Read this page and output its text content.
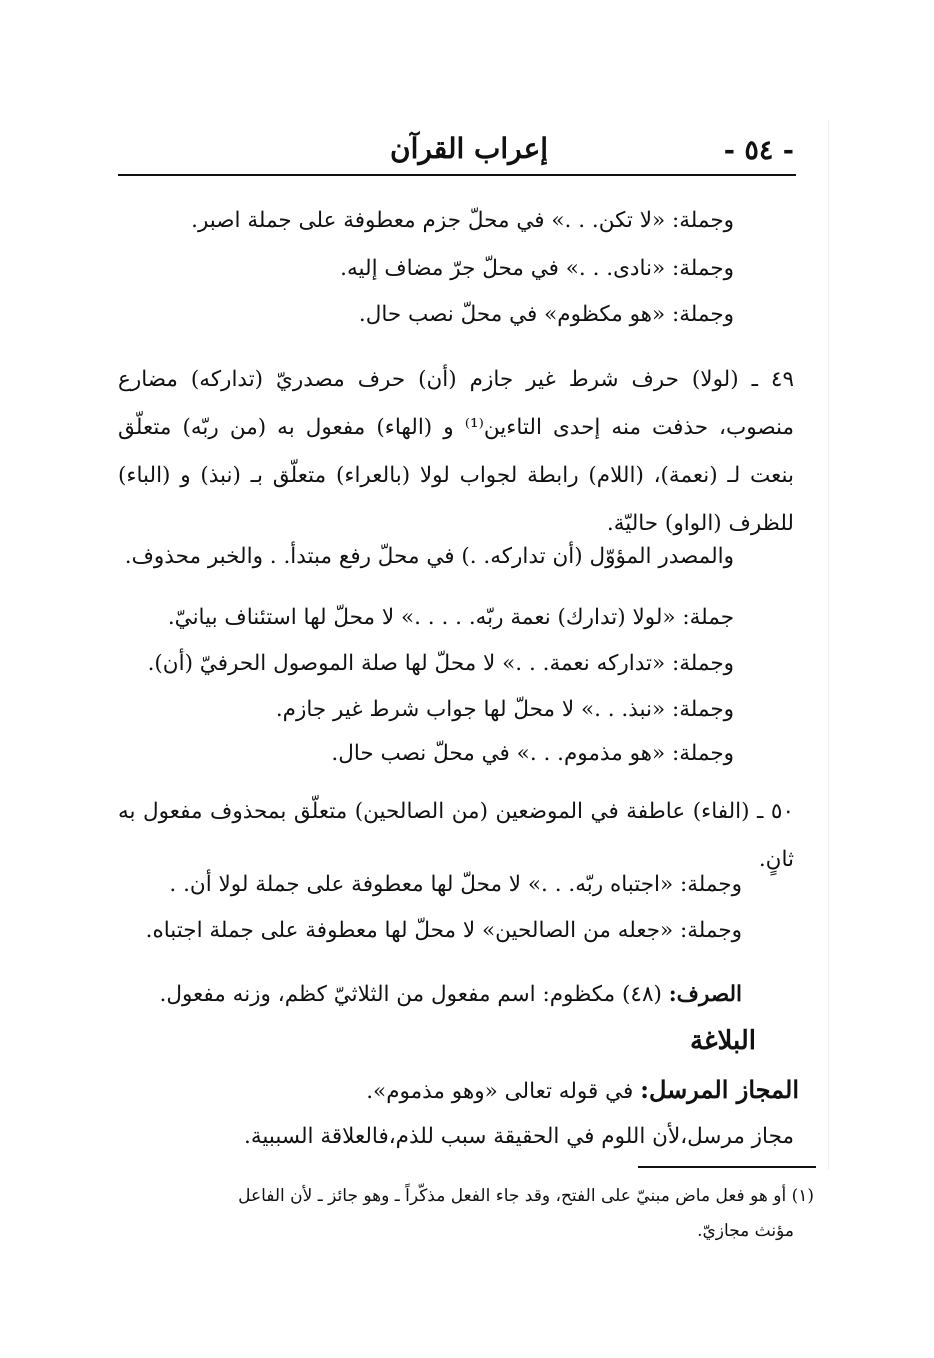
- ٥٤ -
إعراب القرآن
وجملة: «لا تكن. . .» في محلّ جزم معطوفة على جملة اصبر.
وجملة: «نادى. . .» في محلّ جرّ مضاف إليه.
وجملة: «هو مكظوم» في محلّ نصب حال.

٤٩ ـ (لولا) حرف شرط غير جازم (أن) حرف مصدريّ (تداركه) مضارع منصوب، حذفت منه إحدى التاءين⁽¹⁾ و (الهاء) مفعول به (من ربّه) متعلّق بنعت لـ (نعمة)، (اللام) رابطة لجواب لولا (بالعراء) متعلّق بـ (نبذ) و (الباء) للظرف (الواو) حاليّة.

والمصدر المؤوّل (أن تداركه. .) في محلّ رفع مبتدأ. . والخبر محذوف.
جملة: «لولا (تدارك) نعمة ربّه. . . . .» لا محلّ لها استئناف بيانيّ.
وجملة: «تداركه نعمة. . .» لا محلّ لها صلة الموصول الحرفيّ (أن).
وجملة: «نبذ. . .» لا محلّ لها جواب شرط غير جازم.
وجملة: «هو مذموم. . .» في محلّ نصب حال.

٥٠ ـ (الفاء) عاطفة في الموضعين (من الصالحين) متعلّق بمحذوف مفعول به ثانٍ.

وجملة: «اجتباه ربّه. . .» لا محلّ لها معطوفة على جملة لولا أن. .
وجملة: «جعله من الصالحين» لا محلّ لها معطوفة على جملة اجتباه.
الصرف: (٤٨) مكظوم: اسم مفعول من الثلاثيّ كظم، وزنه مفعول.
البلاغة
المجاز المرسل: في قوله تعالى «وهو مذموم».
مجاز مرسل،لأن اللوم في الحقيقة سبب للذم،فالعلاقة السببية.
(١) أو هو فعل ماض مبنيّ على الفتح، وقد جاء الفعل مذكّراً ـ وهو جائز ـ لأن الفاعل
مؤنث مجازيّ.
